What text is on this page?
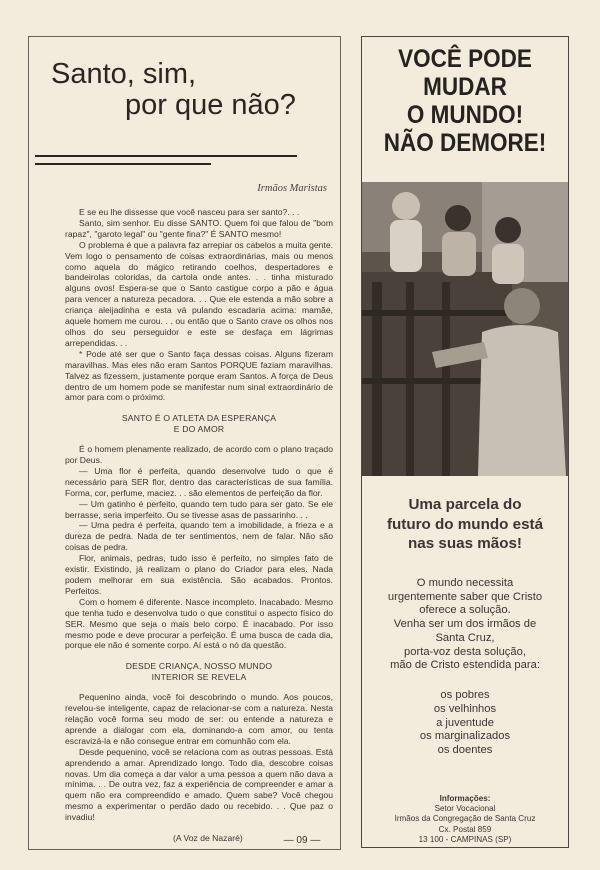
Santo, sim,
por que não?
Irmãos Maristas

E se eu lhe dissesse que você nasceu para ser santo?. . .

Santo, sim senhor. Eu disse SANTO. Quem foi que falou de "bom rapaz", "garoto legal" ou "gente fina?" É SANTO mesmo!

O problema é que a palavra faz arrepiar os cabelos a muita gente. Vem logo o pensamento de coisas extraordinárias, mais ou menos como aquela do mágico retirando coelhos, despertadores e bandeirolas coloridas, da cartola onde antes. . . tinha misturado alguns ovos! Espera-se que o Santo castigue corpo a pão e água para vencer a natureza pecadora. . . Que ele estenda a mão sobre a criança aleijadinha e esta vá pulando escadaria acima: mamãe, aquele homem me curou. . . ou então que o Santo crave os olhos nos olhos do seu perseguidor e este se desfaça em lágrimas arrependidas. . .

* Pode até ser que o Santo faça dessas coisas. Alguns fizeram maravilhas. Mas eles não eram Santos PORQUE faziam maravilhas. Talvez as fizessem, justamente porque eram Santos. A força de Deus dentro de um homem pode se manifestar num sinal extraordinário de amor para com o próximo.

SANTO É O ATLETA DA ESPERANÇA
E DO AMOR

É o homem plenamente realizado, de acordo com o plano traçado por Deus.

— Uma flor é perfeita, quando desenvolve tudo o que é necessário para SER flor, dentro das características de sua família. Forma, cor, perfume, maciez. . . são elementos de perfeição da flor.

— Um gatinho é perfeito, quando tem tudo para ser gato. Se ele berrasse, seria imperfeito. Ou se tivesse asas de passarinho. . .

— Uma pedra é perfeita, quando tem a imobilidade, a frieza e a dureza de pedra. Nada de ter sentimentos, nem de falar. Não são coisas de pedra.

Flor, animais, pedras, tudo isso é perfeito, no simples fato de existir. Existindo, já realizam o plano do Criador para eles. Nada podem melhorar em sua existência. São acabados. Prontos. Perfeitos.

Com o homem é diferente. Nasce incompleto. Inacabado. Mesmo que tenha tudo e desenvolva tudo o que constitui o aspecto físico do SER. Mesmo que seja o mais belo corpo. É inacabado. Por isso mesmo pode e deve procurar a perfeição. É uma busca de cada dia, porque ele não é somente corpo. Aí está o nó da questão.

DESDE CRIANÇA, NOSSO MUNDO
INTERIOR SE REVELA

Pequenino ainda, você foi descobrindo o mundo. Aos poucos, revelou-se inteligente, capaz de relacionar-se com a natureza. Nesta relação você forma seu modo de ser: ou entende a natureza e aprende a dialogar com ela, dominando-a com amor, ou tenta escravizá-la e não consegue entrar em comunhão com ela.

Desde pequenino, você se relaciona com as outras pessoas. Está aprendendo a amar. Aprendizado longo. Todo dia, descobre coisas novas. Um dia começa a dar valor a uma pessoa a quem não dava a mínima. . . De outra vez, faz a experiência de compreender e amar a quem não era compreendido e amado. Quem sabe? Você chegou mesmo a experimentar o perdão dado ou recebido. . . Que paz o invadiu!

(A Voz de Nazaré)	— 09 —
VOCÊ PODE
MUDAR
O MUNDO!
NÃO DEMORE!
Uma parcela do
futuro do mundo está
nas suas mãos!
O mundo necessita
urgentemente saber que Cristo
oferece a solução.
Venha ser um dos irmãos de
Santa Cruz,
porta-voz desta solução,
mão de Cristo estendida para:
os pobres
os velhinhos
a juventude
os marginalizados
os doentes
Informações:
Setor Vocacional
Irmãos da Congregação de Santa Cruz
Cx. Postal 859
13 100 - CAMPINAS (SP)
